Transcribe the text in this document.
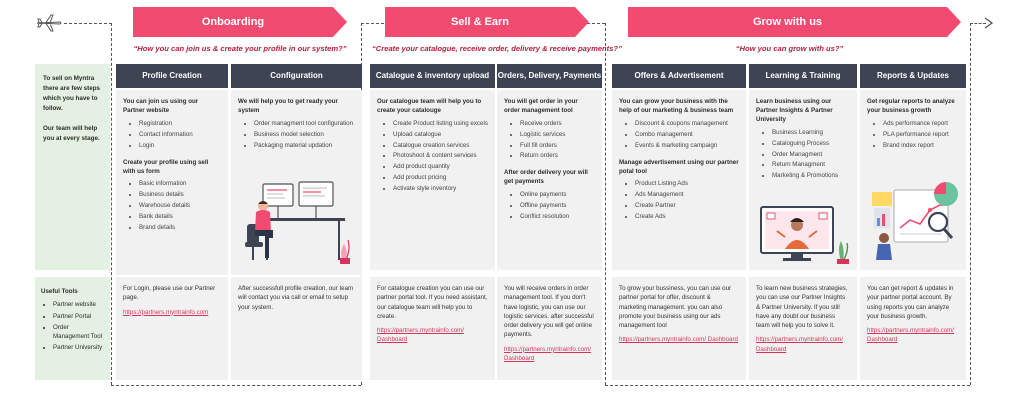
Onboarding	Sell & Earn	Grow with us
“How you can join us & create your profile in our system?”	“Create your catalogue, receive order, delivery & receive payments?”	“How you can grow with us?”

To sell on Myntra there are few steps which you have to follow.

Our team will help you at every stage.

Useful Tools

• Partner website
• Partner Portal
• Order Management Tool
• Partner University
Profile Creation

You can join us using our Partner website

• Registration
• Contact information
• Login

Create your profile using sell with us form

• Basic information
• Business details
• Warehouse details
• Bank details
• Brand details
For Login, please use our Partner page.
https://partners.myntrainfo.com
Configuration

We will help you to get ready your system

• Order managment tool configuration
• Business model selection
• Packaging material updation
After successfull profile creation, our team will contact you via call or email to setup your system.
Catalogue & inventory upload

Our catalogue team will help you to create your catalouge

• Create Product listing using excels
• Upload catalogue
• Catalogue creation services
• Photoshoot & content services
• Add product quantity
• Add product pricing
• Activate style inventory
For catalogue creation you can use our partner portal tool. If you need assistant, our catalogue team will help you to create.
https://partners.myntrainfo.com/ Dashboard
Orders, Delivery, Payments

You will get order in your order management tool

• Receive orders
• Logistic services
• Full fill orders
• Return orders

After order delivery your will get payments

• Online payments
• Offline payments
• Conflict resolution
You will receive orders in order management tool. If you don't have logistic, you can use our logistic services. after successful order delivery you will get online payments.
https://partners.myntrainfo.com/ Dashboard
Offers & Advertisement

You can grow your business with the help of our marketing & business team

• Discount & coupons management
• Combo management
• Events & marketing campaign

Manage advertisement using our partner potal tool

• Product Listing Ads
• Ads Management
• Create Partner
• Create Ads
To grow your bussiness, you can use our partner portal for offer, discount & marketing management. you can also promote your business using our ads management tool
https://partners.myntrainfo.com/ Dashboard
Learning & Training

Learn business using our Partner Insights & Partner University

• Business Learning
• Cataloguing Process
• Order Managment
• Return Managment
• Marketing & Promotions
To learn new business strategies, you can use our Partner Insights & Partner University. If you still have any doubt our business team will help you to solve it.
https://partners.myntrainfo.com/ Dashboard
Reports & Updates

Get regular reports to analyze your business growth

• Ads performance report
• PLA performance report
• Brand index report
You can get report & updates in your partner portal account. By using reports you can analyze your business growth.
https://partners.myntrainfo.com/ Dashboard
